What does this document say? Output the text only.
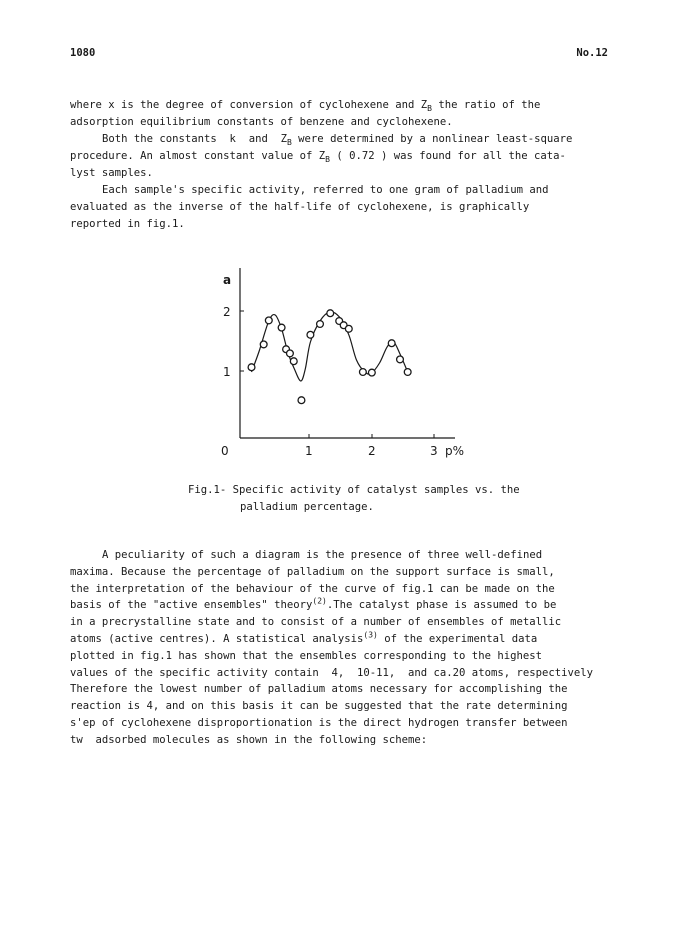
1080	No.12
where x is the degree of conversion of cyclohexene and $Z_B$ the ratio of the
adsorption equilibrium constants of benzene and cyclohexene.
Both the constants  k  and  $Z_B$ were determined by a nonlinear least-square
procedure. An almost constant value of $Z_B$ ( 0.72 ) was found for all the cata-
lyst samples.
Each sample's specific activity, referred to one gram of palladium and
evaluated as the inverse of the half-life of cyclohexene, is graphically
reported in fig.1.
a
2
1
0	1	2	3 p%
Fig.1- Specific activity of catalyst samples vs. the
palladium percentage.
A peculiarity of such a diagram is the presence of three well-defined
maxima. Because the percentage of palladium on the support surface is small,
the interpretation of the behaviour of the curve of fig.1 can be made on the
basis of the "active ensembles" theory$^{(2)}$.The catalyst phase is assumed to be
in a precrystalline state and to consist of a number of ensembles of metallic
atoms (active centres). A statistical analysis$^{(3)}$ of the experimental data
plotted in fig.1 has shown that the ensembles corresponding to the highest
values of the specific activity contain  4,  10-11,  and ca.20 atoms, respectively
Therefore the lowest number of palladium atoms necessary for accomplishing the
reaction is 4, and on this basis it can be suggested that the rate determining
s'ep of cyclohexene disproportionation is the direct hydrogen transfer between
tw  adsorbed molecules as shown in the following scheme:
